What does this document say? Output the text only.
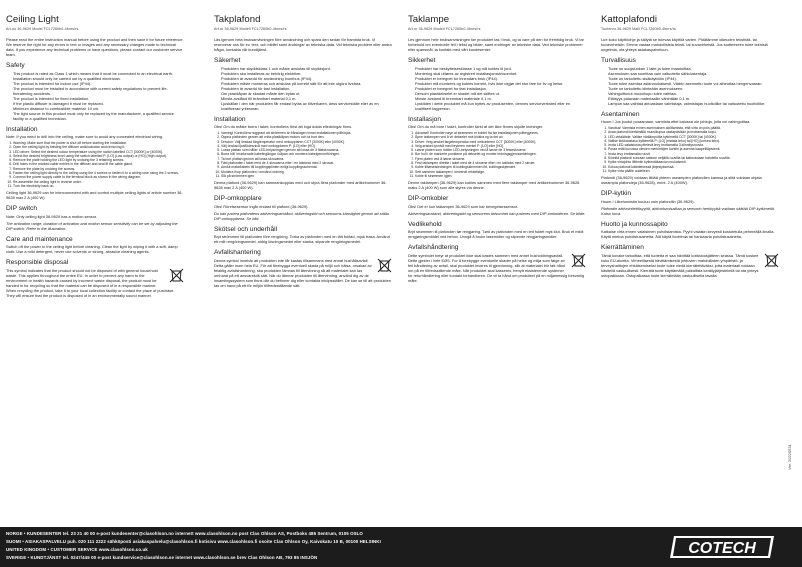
Ceiling Light
Art.no 36-9629 Model FCL7260b0-4bnrs/rs

Please read the entire instruction manual before using the product and then save it for future reference. We reserve the right for any errors in text or images and any necessary changes made to technical data. If you experience any technical problems or have questions, please contact our customer service team.

Safety
• This product is rated as Class 1 which means that it must be connected to an electrical earth.
• Installation should only be carried out by a qualified electrician.
• The product is intended for indoor use (IP44).
• The product must be installed in accordance with current safety regulations to prevent life-threatening accidents.
• The product is intended for fixed installation.
• If the plastic diffuser is damaged it must be replaced.
• Minimum distance to combustible material: 10 cm.
• The light source in this product must only be replaced by the manufacturer, a qualified service facility or a qualified technician.
Installation

Note: If you need to drill into the ceiling, make sure to avoid any concealed electrical wiring.

1. Warning: Make sure that the power is shut off before starting the installation.
2. Open the ceiling light by twisting the diffuser anticlockwise and removing it.
3. LED driver: Select the desired colour temperature using the switch labelled CCT [3000K] or [4000K].
4. Select the desired brightness level using the switch labelled P: [LO] (Low output) or [HO] (High output).
5. Remove the plate holding the LED light by undoing the 3 retaining screws.
6. Drill holes in the marked cable entries in the diffuser and seal fit the cable gland.
7. Remove the plate by undoing the screws.
8. Fasten the ceiling light directly to the ceiling using the 4 screws or fasten it to a ceiling rose using the 2 screws.
9. Connect the power supply cable to the terminal block as shown in the wiring diagram.
10. Re-assemble the ceiling light in reverse order.
11. Turn the electricity back on.

Ceiling light 36-9629 can be interconnected with and control multiple ceiling lights of article number 36-9628 max 2 A (400 W).

DIP switch

Note: Only ceiling light 36-9629 has a motion sensor.

The activation range, duration of activation and motion sensor sensitivity can be set by adjusting the DIP switch. Refer to the illustration.

Care and maintenance

Switch off the power to the ceiling light before cleaning. Clean the light by wiping it with a soft, damp cloth. Use a mild detergent, never use solvents or strong, abrasive cleaning agents.

Responsible disposal

This symbol indicates that the product should not be disposed of with general household waste. This applies throughout the entire EU. In order to prevent any harm to the environment or health hazards caused by incorrect waste disposal, the product must be handed in for recycling so that the material can be disposed of in a responsible manner. When recycling the product, take it to your local collection facility or contact the place of purchase. They will ensure that the product is disposed of in an environmentally sound manner.

Takplafond
Art.nr 36-9629 Modell FCL7260b0-4bnrs/rs

Läs igenom hela bruksanvisningen före användning och spara den sedan för framtida bruk. Vi reserverar oss för ev. text- och bildfel samt ändringar av tekniska data. Vid tekniska problem eller andra frågor, kontakta vår kundtjänst.

Säkerhet
• Produkten har skyddsklass 1 och måste anslutas till skyddsjord.
• Produkten ska installeras av behörig elektriker.
• Produkten är avsedd för användning inomhus (IP44).
• Produkten måste monteras och anslutas på korrekt sätt för att inte utgöra livsfara.
• Produkten är avsedd för fast installation.
• Om plastkåpan är skadad måste den bytas ut.
• Minsta avstånd till brännbart material 0,1 m.
• Ljuskällan i den här produkten får endast bytas av tillverkaren, dess serviceställe eller av en kvalificerad yrkesman.
Installation

Obs! Om du måste borra i taket, kontrollera först att inga dolda elledningar finns.

1. Varning! Kontrollera noggrant att strömmen är frånslagen innan installationen påbörjas.
2. Öppna plafonden genom att vrida plastkåpan moturs och ta bort den.
3. Drivdon: Välj önskad färgtemperatur med omkopplaren CCT [3000K] eller [4000K].
4. Välj önskad ljusflödesnivå med omkopplaren P: [LO] eller [HO].
5. Lossa plattan som håller LED-belysningen genom att lossa de 3 fästskruvarna.
6. Borra hål i markerade kabelingångar i kåpan och montera kabelgenomföringen.
7. Ta bort plattan genom att lossa skruvarna.
8. Fäst plafonden i taket med de 4 skruvarna eller i en takdosa med 2 skruvar.
9. Anslut matarkabeln till kopplingsplinten enligt kopplingsschemat.
10. Montera ihop plafonden i omvänd ordning.
11. Slå på strömmen igen.

Denna plafond (36-9629) kan sammankopplas med och styra flera plafonder med artikelnummer 36-9628 max 2 A (400 W).

DIP-omkopplare

Obs! Rörelsesensor ingår endast till plafond (36-9629).

Du kan justera plafondens aktiveringsavstånd, aktiveringstid och sensorns känslighet genom att ställa DIP-omkopplarna. Se bild.

Skötsel och underhåll

Bryt strömmen till plafonden före rengöring. Torka av plafonden med en lätt fuktad, mjuk trasa. Använd ett milt rengöringsmedel, aldrig lösningsmedel eller starka, slipande rengöringsmedel.

Avfallshantering

Denna symbol innebär att produkten inte får kastas tillsammans med annat hushållsavfall. Detta gäller inom hela EU. För att förebygga eventuell skada på miljö och hälsa, orsakad av felaktig avfallshantering, ska produkten lämnas till återvinning så att materialet kan tas omhand på ett ansvarsfullt sätt. När du lämnar produkten till återvinning, använd dig av de insamlingssystem som finns där du befinner dig eller kontakta inköpsstället. De kan se till att produkten tas om hand på ett för miljön tillfredsställande sätt.

Taklampe
Art.nr 36-9629 Modell FCL7260b0-4bnrs/rs

Les gjennom hele bruksanvisningen før produktet tas i bruk, og ta vare på den for fremtidig bruk. Vi tar forbehold om eventuelle feil i tekst og bilder, samt endringer av tekniske data. Ved tekniske problemer eller spørsmål, ta kontakt med vårt kundesenter.

Sikkerhet
• Produktet har beskyttelsesklasse 1 og må kobles til jord.
• Montering skal utføres av registrert installasjonsvirksomhet.
• Produktet er beregnet for innendørs bruk (IP44).
• Produktet må monteres og kobles korrekt, hvis ikke utgjør det stor fare for liv og helse.
• Produktet er beregnet for fast installasjon.
• Dersom plastdekselet er skadet må det skiftes ut.
• Minste avstand til brennbart materiale 0,1 m.
• Lyskilden i dette produktet må kun byttes av produsenten, dennes serviceverksted eller en kvalifisert fagperson.
Installasjon

Obs! Om du må bore i taket, kontroller først at det ikke finnes skjulte ledninger.

1. Advarsel! Kontroller nøye at strømmen er koblet fra før installasjonen påbegynnes.
2. Åpne taklampen ved å vri dekselet mot klokka og ta det av.
3. Driver: Velg ønsket fargetemperatur med omkobleren CCT [3000K] eller [4000K].
4. Velg ønsket lysnivå med bryteren merket P: [LO] eller [HO].
5. Løsne platen som holder LED-belysningen ved å løsne de 3 festeskruene.
6. Bor hull i de markerte punktene på dekselet og monter ledningsgjennomføringen.
7. Fjern platen ved å løsne skruene.
8. Fest taklampen direkte i taket med de 4 skruene eller i en takboks med 2 skruer.
9. Koble tilførselsledningen til koblingsklemmen iht. koblingsskjemaet.
10. Sett sammen taklampen i omvendt rekkefølge.
11. Koble til strømmen igjen.

Denne taklampen (36-9629) kan kobles sammen med flere taklamper med artikkelnummer 36-9628 maks 2 A (400 W) som alle styres via denne.

DIP-omkobler

Obs! Det er kun taklampen 36-9629 som har bevegelsessensor.

Aktiveringsavstand, aktiveringstid og sensorens følsomhet kan justeres med DIP-omkobleren. Se bilde.

Vedlikehold

Bryt strømmen til plafonden før rengjøring. Tørk av plafonden med en lett fuktet myk klut. Bruk et mildt rengjøringsmiddel ved behov. Unngå å bruke løsemidler og slipende rengjøringsmidler.

Avfallshåndtering

Dette symbolet betyr at produktet ikke skal kastes sammen med annet husholdningsavfall. Dette gjelder i hele EØS. For å forebygge eventuelle skader på helse og miljø som følge av feil håndtering av avfall, skal produktet leveres til gjenvinning, slik at materialet blir tatt hånd om på en tilfredsstillende måte. Når produktet skal kasseres, benytt eksisterende systemer for returhåndtering eller kontakt forhandleren. De vil ta hånd om produktet på en miljømessig forsvarlig måte.

Kattoplafondi
Tuotenro 36-9629 Malli FCL7260b0-4bnrs/rs

Lue koko käyttöohje ja säilytä se tulevaa käyttöä varten. Pidätämme oikeuden tekstistä- tai kuvavirheisiin. Emme vastaa mahdollisista teksti- tai kuvavirheistä. Jos tuotteeseen tulee teknisiä ongelmia, ota yhteys asiakaspalveluun.

Turvallisuus
• Tuote on suojaluokan 1 laite ja tulee maadoittaa.
• Asennuksen saa suorittaa vain valtuutettu sähköasentaja.
• Tuote on tarkoitettu sisäkäyttöön (IP44).
• Tuote tulee asentaa asianmukaisesti. Väärin asennettu tuote voi aiheuttaa hengenvaaran.
• Tuote on tarkoitettu kiinteään asennukseen.
• Vahingoittunut muovikupu tulee vaihtaa.
• Etäisyys palavaan materiaaliin vähintään 0,1 m.
• Lampun saa vaihtaa ainoastaan valmistaja, valmistajan huoltoliike tai valtuutettu huoltoliike.
Asentaminen

Huom.! Jos joudut poraamaan, varmista ettei katossa ole johtoja, joita voi vahingoittaa.

1. Varoitus! Varmista ennen asennuksen aloittamista, että virta on pois päältä.
2. Avaa plafondi kiertämällä muovikupua vastapäivään ja irrottamalla kupu.
3. LED-virtalähde: Valitse värilämpötila kytkimellä CCT [3000K] tai [4000K].
4. Valitse kirkkaustaso kytkimellä P: [LO] (matala teho) tai [HO] (korkea teho).
5. Irrota LED-valaistusta pitelevä levy irrottamalla 3 kiinnitysruuvia.
6. Poraa reiät kuvussa olevien merkintöjen kohtiin ja asenna kaapeliläpivienti.
7. Irrota levy irrottamalla ruuvit.
8. Kiinnitä plafondi suoraan kattoon neljällä ruuvilla tai kattorasiaan kahdella ruuvilla.
9. Kytke virtajohto liittimiin kytkentäkaavion mukaisesti.
10. Kokoa plafondi käänteisessä järjestyksessä.
11. Kytke virta päälle uudelleen.

Plafondi (36-9629) voidaan liittää yhteen useampien plafondien kanssa ja siitä voidaan ohjata useampia plafondeja (36-9628), enint. 2 A (400W).

DIP-kytkin

Huom.! Liiketunnistin kuuluu vain plafondiin (36-9629).

Plafondin aktivointietäisyyttä, aktivoitumisaikaa ja sensorin herkkyyttä voidaan säätää DIP-kytkimellä. Katso kuva.

Huolto ja kunnossapito

Katkaise virta ennen valaisimen puhdistamista. Pyyhi valaisin kevyesti kostutetulla pehmeällä liinalla. Käytä mietoa puhdistusainetta. Älä käytä liuottimia tai hankaavia puhdistusaineita.

Kierrättäminen

Tämä kuvake tarkoittaa, että tuotetta ei saa hävittää kotitalousjätteen seassa. Tämä koskee koko EU-aluetta. Virheellisestä hävittämisestä johtuvien mahdollisten ympäristö- ja terveyshaittojen ehkäisemiseksi tuote tulee viedä kierrätettäväksi, jotta materiaali voidaan käsitellä vastuullisesti. Kierrätä tuote käyttämällä paikallisia keräilyjärjestelmiä tai ota yhteys ostopaikkaan. Ostopaikassa tuote kierrätetään vastuullisella tavalla.

Ver. 20220531
NORGE • KUNDESENTER tel. 23 21 40 00 e-post kundesenter@clasohlson.no internett www.clasohlson.no post Clas Ohlson AS, Postboks 485 Sentrum, 0105 OSLO
SUOMI • ASIAKASPALVELU puh. 020 111 2222 sähköposti asiakaspalvelu@clasohlson.fi kotisivu www.clasohlson.fi osoite Clas Ohlson Oy, Kaivokatu 10 B, 00100 HELSINKI
UNITED KINGDOM • CUSTOMER SERVICE www.clasohlson.co.uk
SVERIGE • KUNDTJÄNST tel. 0247/445 00 e-post kundservice@clasohlson.se internet www.clasohlson.se brev Clas Ohlson AB, 793 85 INSJÖN
COTECH
